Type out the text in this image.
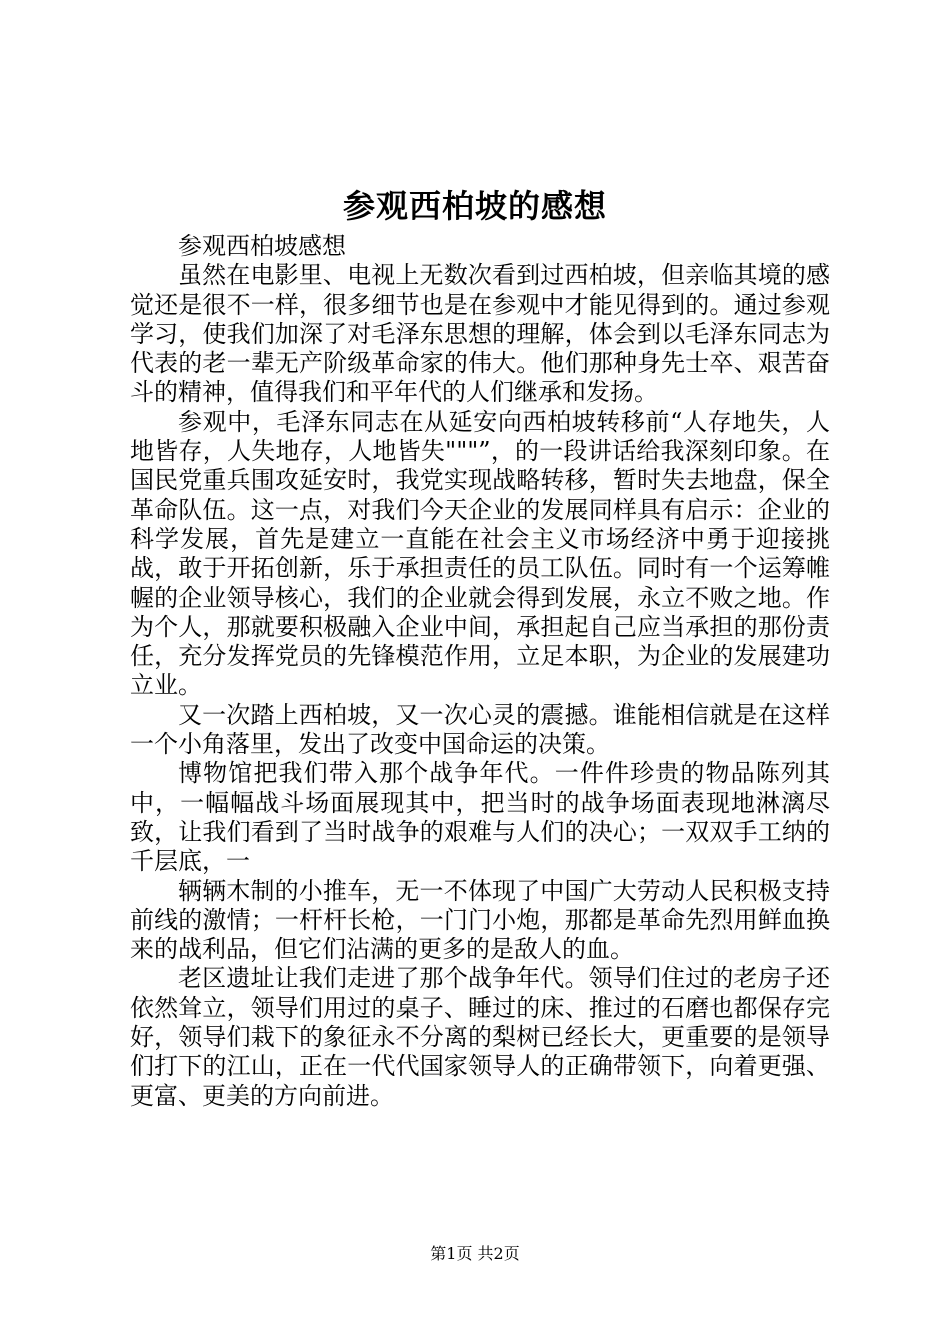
参观西柏坡的感想

参观西柏坡感想

虽然在电影里、电视上无数次看到过西柏坡，但亲临其境的感觉还是很不一样，很多细节也是在参观中才能见得到的。通过参观学习，使我们加深了对毛泽东思想的理解，体会到以毛泽东同志为代表的老一辈无产阶级革命家的伟大。他们那种身先士卒、艰苦奋斗的精神，值得我们和平年代的人们继承和发扬。

参观中，毛泽东同志在从延安向西柏坡转移前“人存地失，人地皆存，人失地存，人地皆失"""”，的一段讲话给我深刻印象。在国民党重兵围攻延安时，我党实现战略转移，暂时失去地盘，保全革命队伍。这一点，对我们今天企业的发展同样具有启示：企业的科学发展，首先是建立一直能在社会主义市场经济中勇于迎接挑战，敢于开拓创新，乐于承担责任的员工队伍。同时有一个运筹帷幄的企业领导核心，我们的企业就会得到发展，永立不败之地。作为个人，那就要积极融入企业中间，承担起自己应当承担的那份责任，充分发挥党员的先锋模范作用，立足本职，为企业的发展建功立业。

又一次踏上西柏坡，又一次心灵的震撼。谁能相信就是在这样一个小角落里，发出了改变中国命运的决策。

博物馆把我们带入那个战争年代。一件件珍贵的物品陈列其中，一幅幅战斗场面展现其中，把当时的战争场面表现地淋漓尽致，让我们看到了当时战争的艰难与人们的决心；一双双手工纳的千层底，一

辆辆木制的小推车，无一不体现了中国广大劳动人民积极支持前线的激情；一杆杆长枪，一门门小炮，那都是革命先烈用鲜血换来的战利品，但它们沾满的更多的是敌人的血。

老区遗址让我们走进了那个战争年代。领导们住过的老房子还依然耸立，领导们用过的桌子、睡过的床、推过的石磨也都保存完好，领导们栽下的象征永不分离的梨树已经长大，更重要的是领导们打下的江山，正在一代代国家领导人的正确带领下，向着更强、更富、更美的方向前进。

第1页 共2页
